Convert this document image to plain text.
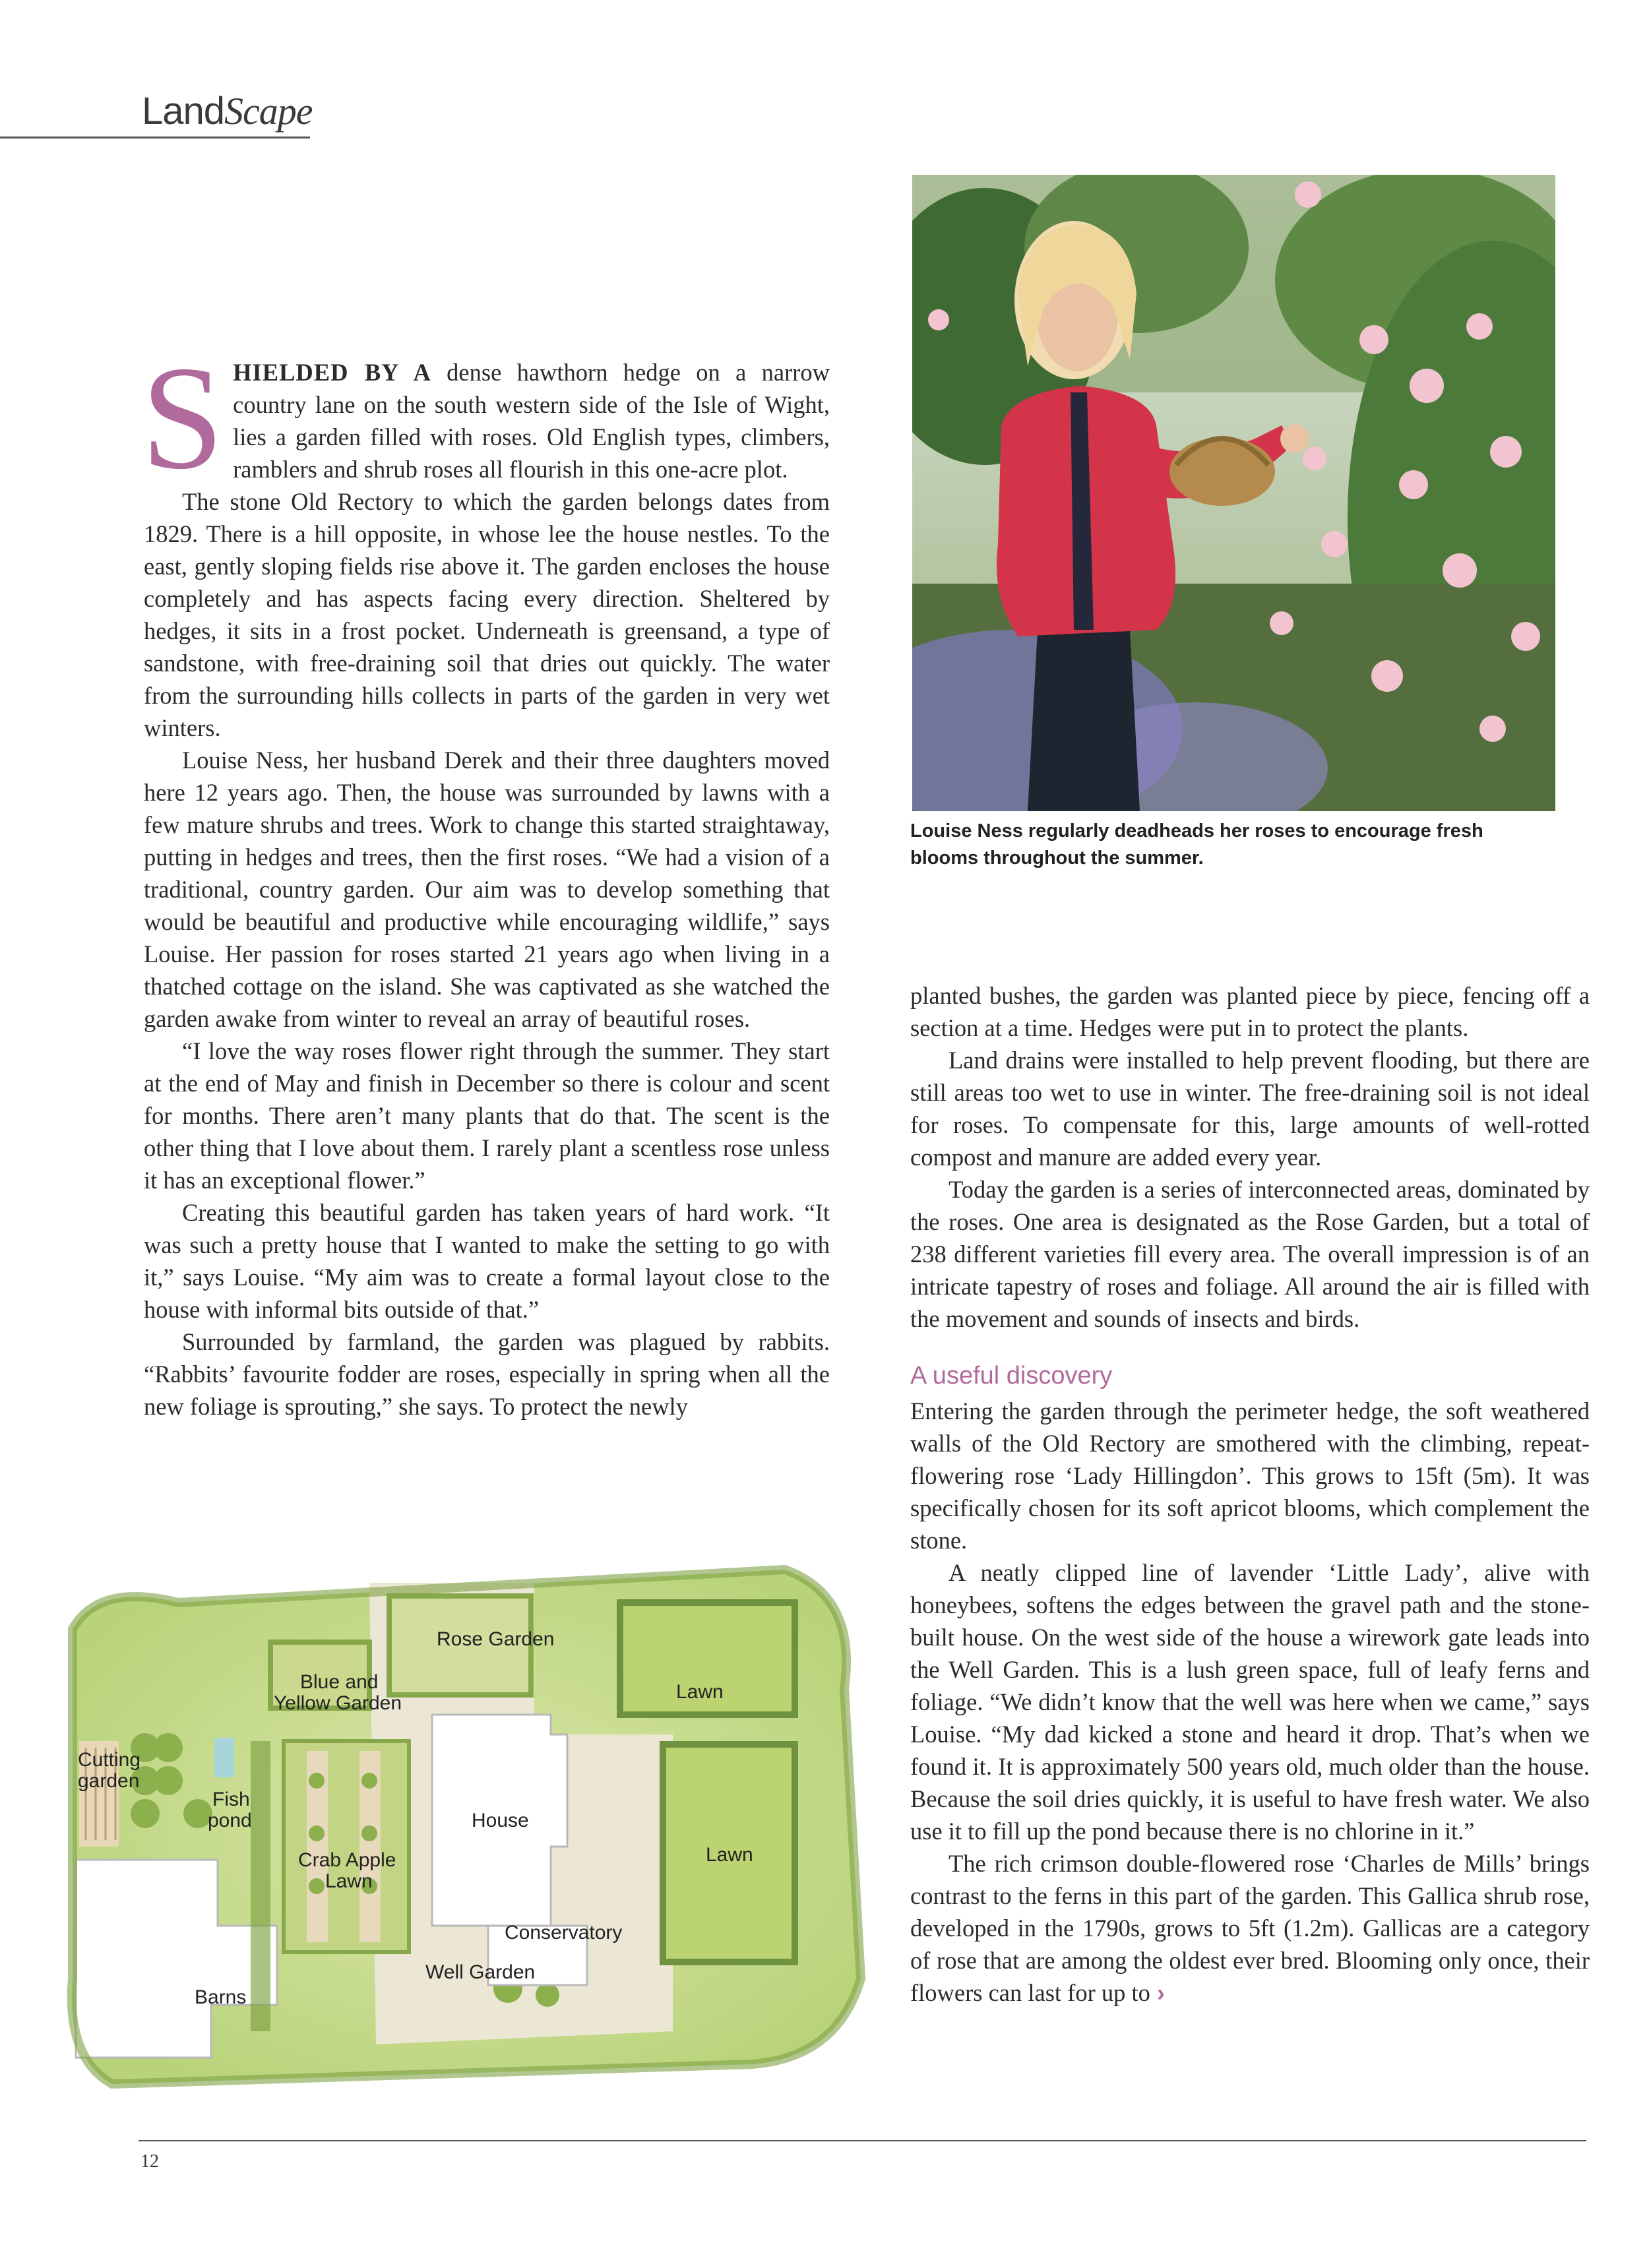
LandScape

SHIELDED BY A dense hawthorn hedge on a narrow country lane on the south western side of the Isle of Wight, lies a garden filled with roses. Old English types, climbers, ramblers and shrub roses all flourish in this one-acre plot.

The stone Old Rectory to which the garden belongs dates from 1829. There is a hill opposite, in whose lee the house nestles. To the east, gently sloping fields rise above it. The garden encloses the house completely and has aspects facing every direction. Sheltered by hedges, it sits in a frost pocket. Underneath is greensand, a type of sandstone, with free-draining soil that dries out quickly. The water from the surrounding hills collects in parts of the garden in very wet winters.

Louise Ness, her husband Derek and their three daughters moved here 12 years ago. Then, the house was surrounded by lawns with a few mature shrubs and trees. Work to change this started straightaway, putting in hedges and trees, then the first roses. “We had a vision of a traditional, country garden. Our aim was to develop something that would be beautiful and productive while encouraging wildlife,” says Louise. Her passion for roses started 21 years ago when living in a thatched cottage on the island. She was captivated as she watched the garden awake from winter to reveal an array of beautiful roses.

“I love the way roses flower right through the summer. They start at the end of May and finish in December so there is colour and scent for months. There aren’t many plants that do that. The scent is the other thing that I love about them. I rarely plant a scentless rose unless it has an exceptional flower.”

Creating this beautiful garden has taken years of hard work. “It was such a pretty house that I wanted to make the setting to go with it,” says Louise. “My aim was to create a formal layout close to the house with informal bits outside of that.”

Surrounded by farmland, the garden was plagued by rabbits. “Rabbits’ favourite fodder are roses, especially in spring when all the new foliage is sprouting,” she says. To protect the newly

Louise Ness regularly deadheads her roses to encourage fresh blooms throughout the summer.

planted bushes, the garden was planted piece by piece, fencing off a section at a time. Hedges were put in to protect the plants.

Land drains were installed to help prevent flooding, but there are still areas too wet to use in winter. The free-draining soil is not ideal for roses. To compensate for this, large amounts of well-rotted compost and manure are added every year.

Today the garden is a series of interconnected areas, dominated by the roses. One area is designated as the Rose Garden, but a total of 238 different varieties fill every area. The overall impression is of an intricate tapestry of roses and foliage. All around the air is filled with the movement and sounds of insects and birds.

A useful discovery

Entering the garden through the perimeter hedge, the soft weathered walls of the Old Rectory are smothered with the climbing, repeat-flowering rose ‘Lady Hillingdon’. This grows to 15ft (5m). It was specifically chosen for its soft apricot blooms, which complement the stone.

A neatly clipped line of lavender ‘Little Lady’, alive with honeybees, softens the edges between the gravel path and the stone-built house. On the west side of the house a wirework gate leads into the Well Garden. This is a lush green space, full of leafy ferns and foliage. “We didn’t know that the well was here when we came,” says Louise. “My dad kicked a stone and heard it drop. That’s when we found it. It is approximately 500 years old, much older than the house. Because the soil dries quickly, it is useful to have fresh water. We also use it to fill up the pond because there is no chlorine in it.”

The rich crimson double-flowered rose ‘Charles de Mills’ brings contrast to the ferns in this part of the garden. This Gallica shrub rose, developed in the 1790s, grows to 5ft (1.2m). Gallicas are a category of rose that are among the oldest ever bred. Blooming only once, their flowers can last for up to ›

Rose Garden
Blue and
Yellow Garden
Lawn
Cutting
garden
Fish
pond	House
Crab Apple
Lawn
Lawn
Conservatory
Well Garden
Barns
12
